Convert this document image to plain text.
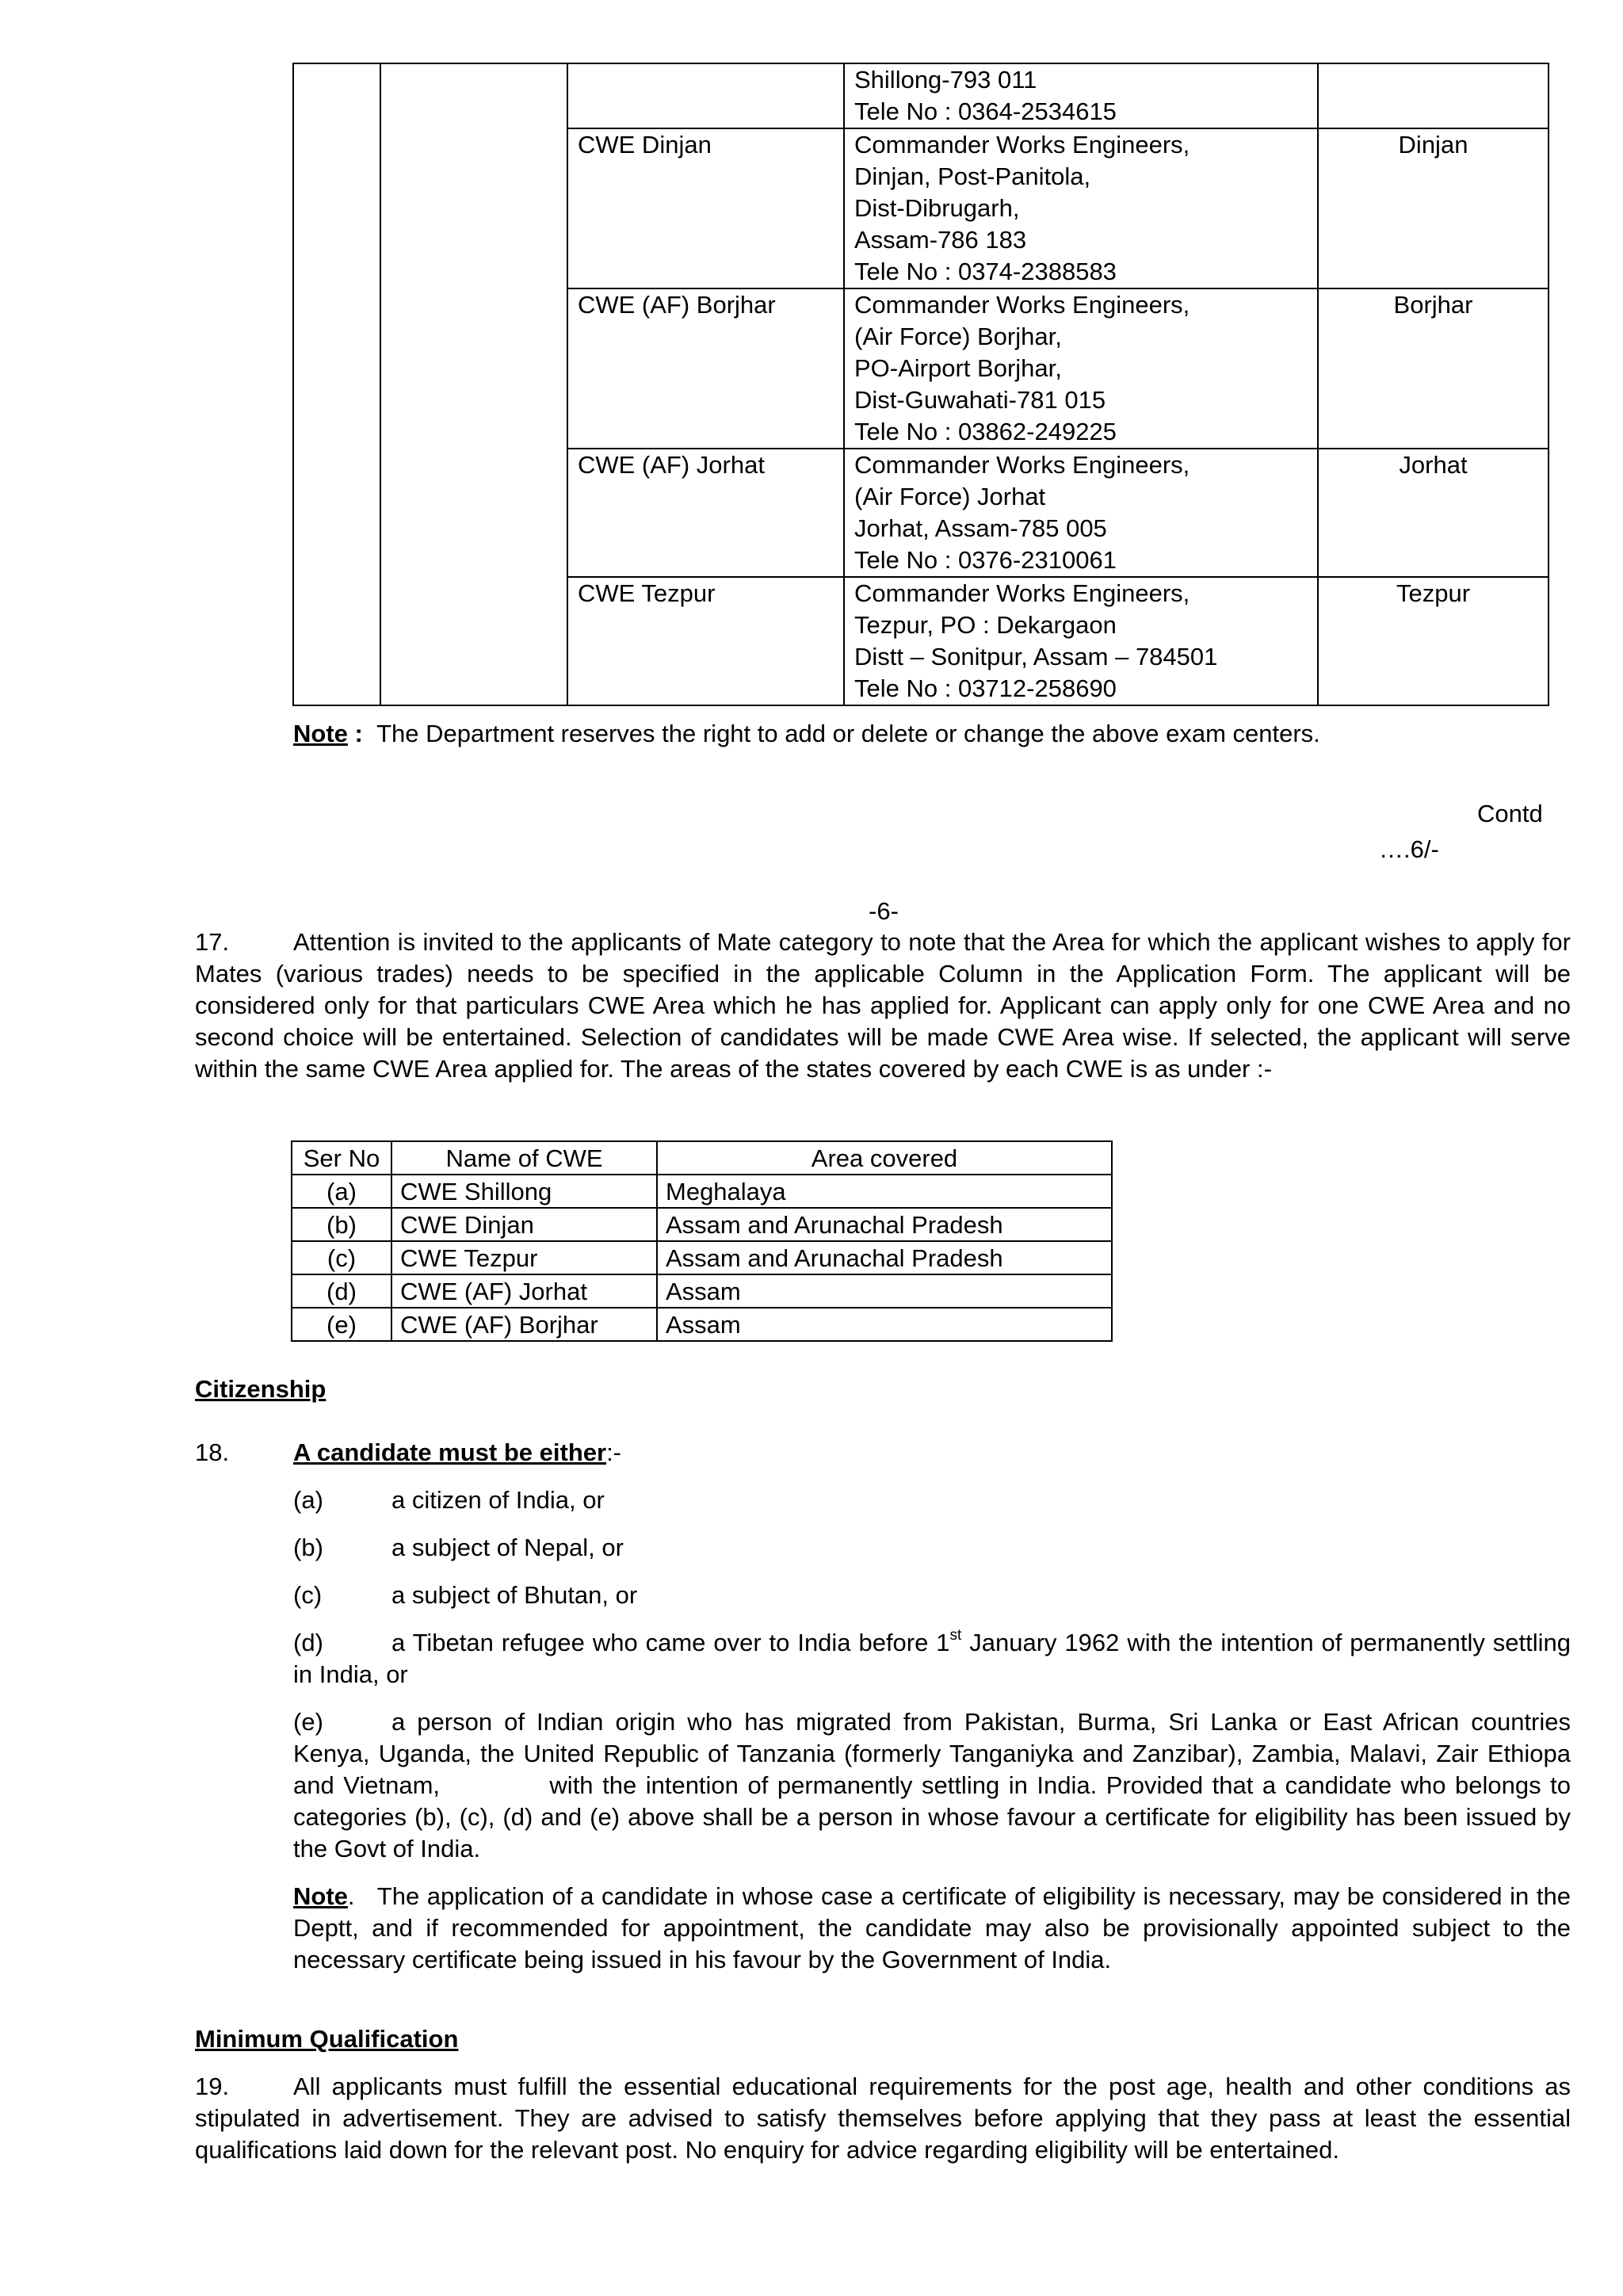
			Shillong-793 011
Tele No : 0364-2534615	

		CWE Dinjan	Commander Works Engineers,
Dinjan, Post-Panitola,
Dist-Dibrugarh,
Assam-786 183
Tele No : 0374-2388583	Dinjan
		CWE (AF) Borjhar	Commander Works Engineers,
(Air Force) Borjhar,
PO-Airport Borjhar,
Dist-Guwahati-781 015
Tele No : 03862-249225	Borjhar
		CWE (AF) Jorhat	Commander Works Engineers,
(Air Force) Jorhat
Jorhat, Assam-785 005
Tele No : 0376-2310061	Jorhat
		CWE Tezpur	Commander Works Engineers,
Tezpur, PO : Dekargaon
Distt – Sonitpur, Assam – 784501
Tele No : 03712-258690	Tezpur
Note : The Department reserves the right to add or delete or change the above exam centers.
Contd
….6/-
-6-
17.	Attention is invited to the applicants of Mate category to note that the Area for which the applicant wishes to apply for Mates (various trades) needs to be specified in the applicable Column in the Application Form. The applicant will be considered only for that particulars CWE Area which he has applied for. Applicant can apply only for one CWE Area and no second choice will be entertained. Selection of candidates will be made CWE Area wise. If selected, the applicant will serve within the same CWE Area applied for. The areas of the states covered by each CWE is as under :-
Ser No	Name of CWE	Area covered
(a)	CWE Shillong	Meghalaya
(b)	CWE Dinjan	Assam and Arunachal Pradesh
(c)	CWE Tezpur	Assam and Arunachal Pradesh
(d)	CWE (AF) Jorhat	Assam
(e)	CWE (AF) Borjhar	Assam
Citizenship
18.	A candidate must be either:-
(a)	a citizen of India, or
(b)	a subject of Nepal, or
(c)	a subject of Bhutan, or
(d)	a Tibetan refugee who came over to India before 1st January 1962 with the intention of permanently settling in India, or
(e)	a person of Indian origin who has migrated from Pakistan, Burma, Sri Lanka or East African countries Kenya, Uganda, the United Republic of Tanzania (formerly Tanganiyka and Zanzibar), Zambia, Malavi, Zair Ethiopa and Vietnam,            with the intention of permanently settling in India. Provided that a candidate who belongs to categories (b), (c), (d) and (e) above shall be a person in whose favour a certificate for eligibility has been issued by the Govt of India.
Note.   The application of a candidate in whose case a certificate of eligibility is necessary, may be considered in the Deptt, and if recommended for appointment, the candidate may also be provisionally appointed subject to the necessary certificate being issued in his favour by the Government of India.
Minimum Qualification
19.	All applicants must fulfill the essential educational requirements for the post age, health and other conditions as stipulated in advertisement. They are advised to satisfy themselves before applying that they pass at least the essential qualifications laid down for the relevant post. No enquiry for advice regarding eligibility will be entertained.
